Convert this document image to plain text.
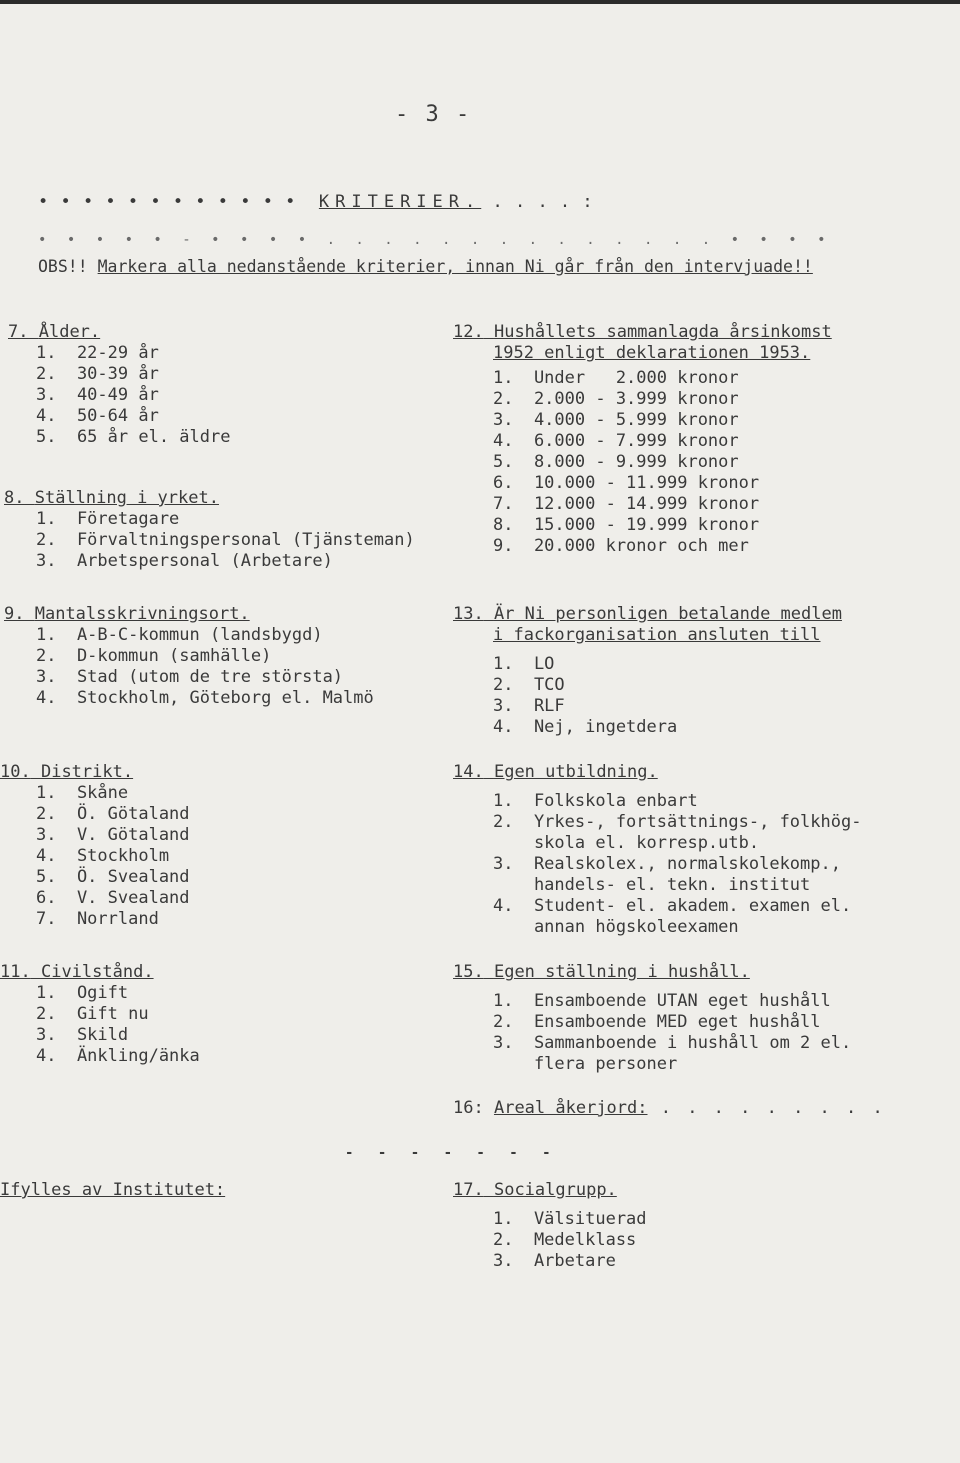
- 3 -
• • • • • • • • • • • • KRITERIER. . . . . :
• • • • • - • • • • . . . . . . . . . . . . . . • • • •
OBS!! Markera alla nedanstående kriterier, innan Ni går från den intervjuade!!
7. Ålder.
1.  22-29 år
2.  30-39 år
3.  40-49 år
4.  50-64 år
5.  65 år el. äldre
8. Ställning i yrket.
1.  Företagare
2.  Förvaltningspersonal (Tjänsteman)
3.  Arbetspersonal (Arbetare)
9. Mantalsskrivningsort.
1.  A-B-C-kommun (landsbygd)
2.  D-kommun (samhälle)
3.  Stad (utom de tre största)
4.  Stockholm, Göteborg el. Malmö
10. Distrikt.
1.  Skåne
2.  Ö. Götaland
3.  V. Götaland
4.  Stockholm
5.  Ö. Svealand
6.  V. Svealand
7.  Norrland
11. Civilstånd.
1.  Ogift
2.  Gift nu
3.  Skild
4.  Änkling/änka
- - - - - - -
Ifylles av Institutet:
12. Hushållets sammanlagda årsinkomst
1952 enligt deklarationen 1953.
1.  Under   2.000 kronor
2.  2.000 - 3.999 kronor
3.  4.000 - 5.999 kronor
4.  6.000 - 7.999 kronor
5.  8.000 - 9.999 kronor
6.  10.000 - 11.999 kronor
7.  12.000 - 14.999 kronor
8.  15.000 - 19.999 kronor
9.  20.000 kronor och mer
13. Är Ni personligen betalande medlem
i fackorganisation ansluten till
1.  LO
2.  TCO
3.  RLF
4.  Nej, ingetdera
14. Egen utbildning.
1.  Folkskola enbart
2.  Yrkes-, fortsättnings-, folkhög-
skola el. korresp.utb.
3.  Realskolex., normalskolekomp.,
handels- el. tekn. institut
4.  Student- el. akadem. examen el.
annan högskoleexamen
15. Egen ställning i hushåll.
1.  Ensamboende UTAN eget hushåll
2.  Ensamboende MED eget hushåll
3.  Sammanboende i hushåll om 2 el.
flera personer
16: Areal åkerjord: . . . . . . . . .
17. Socialgrupp.
1.  Välsituerad
2.  Medelklass
3.  Arbetare
